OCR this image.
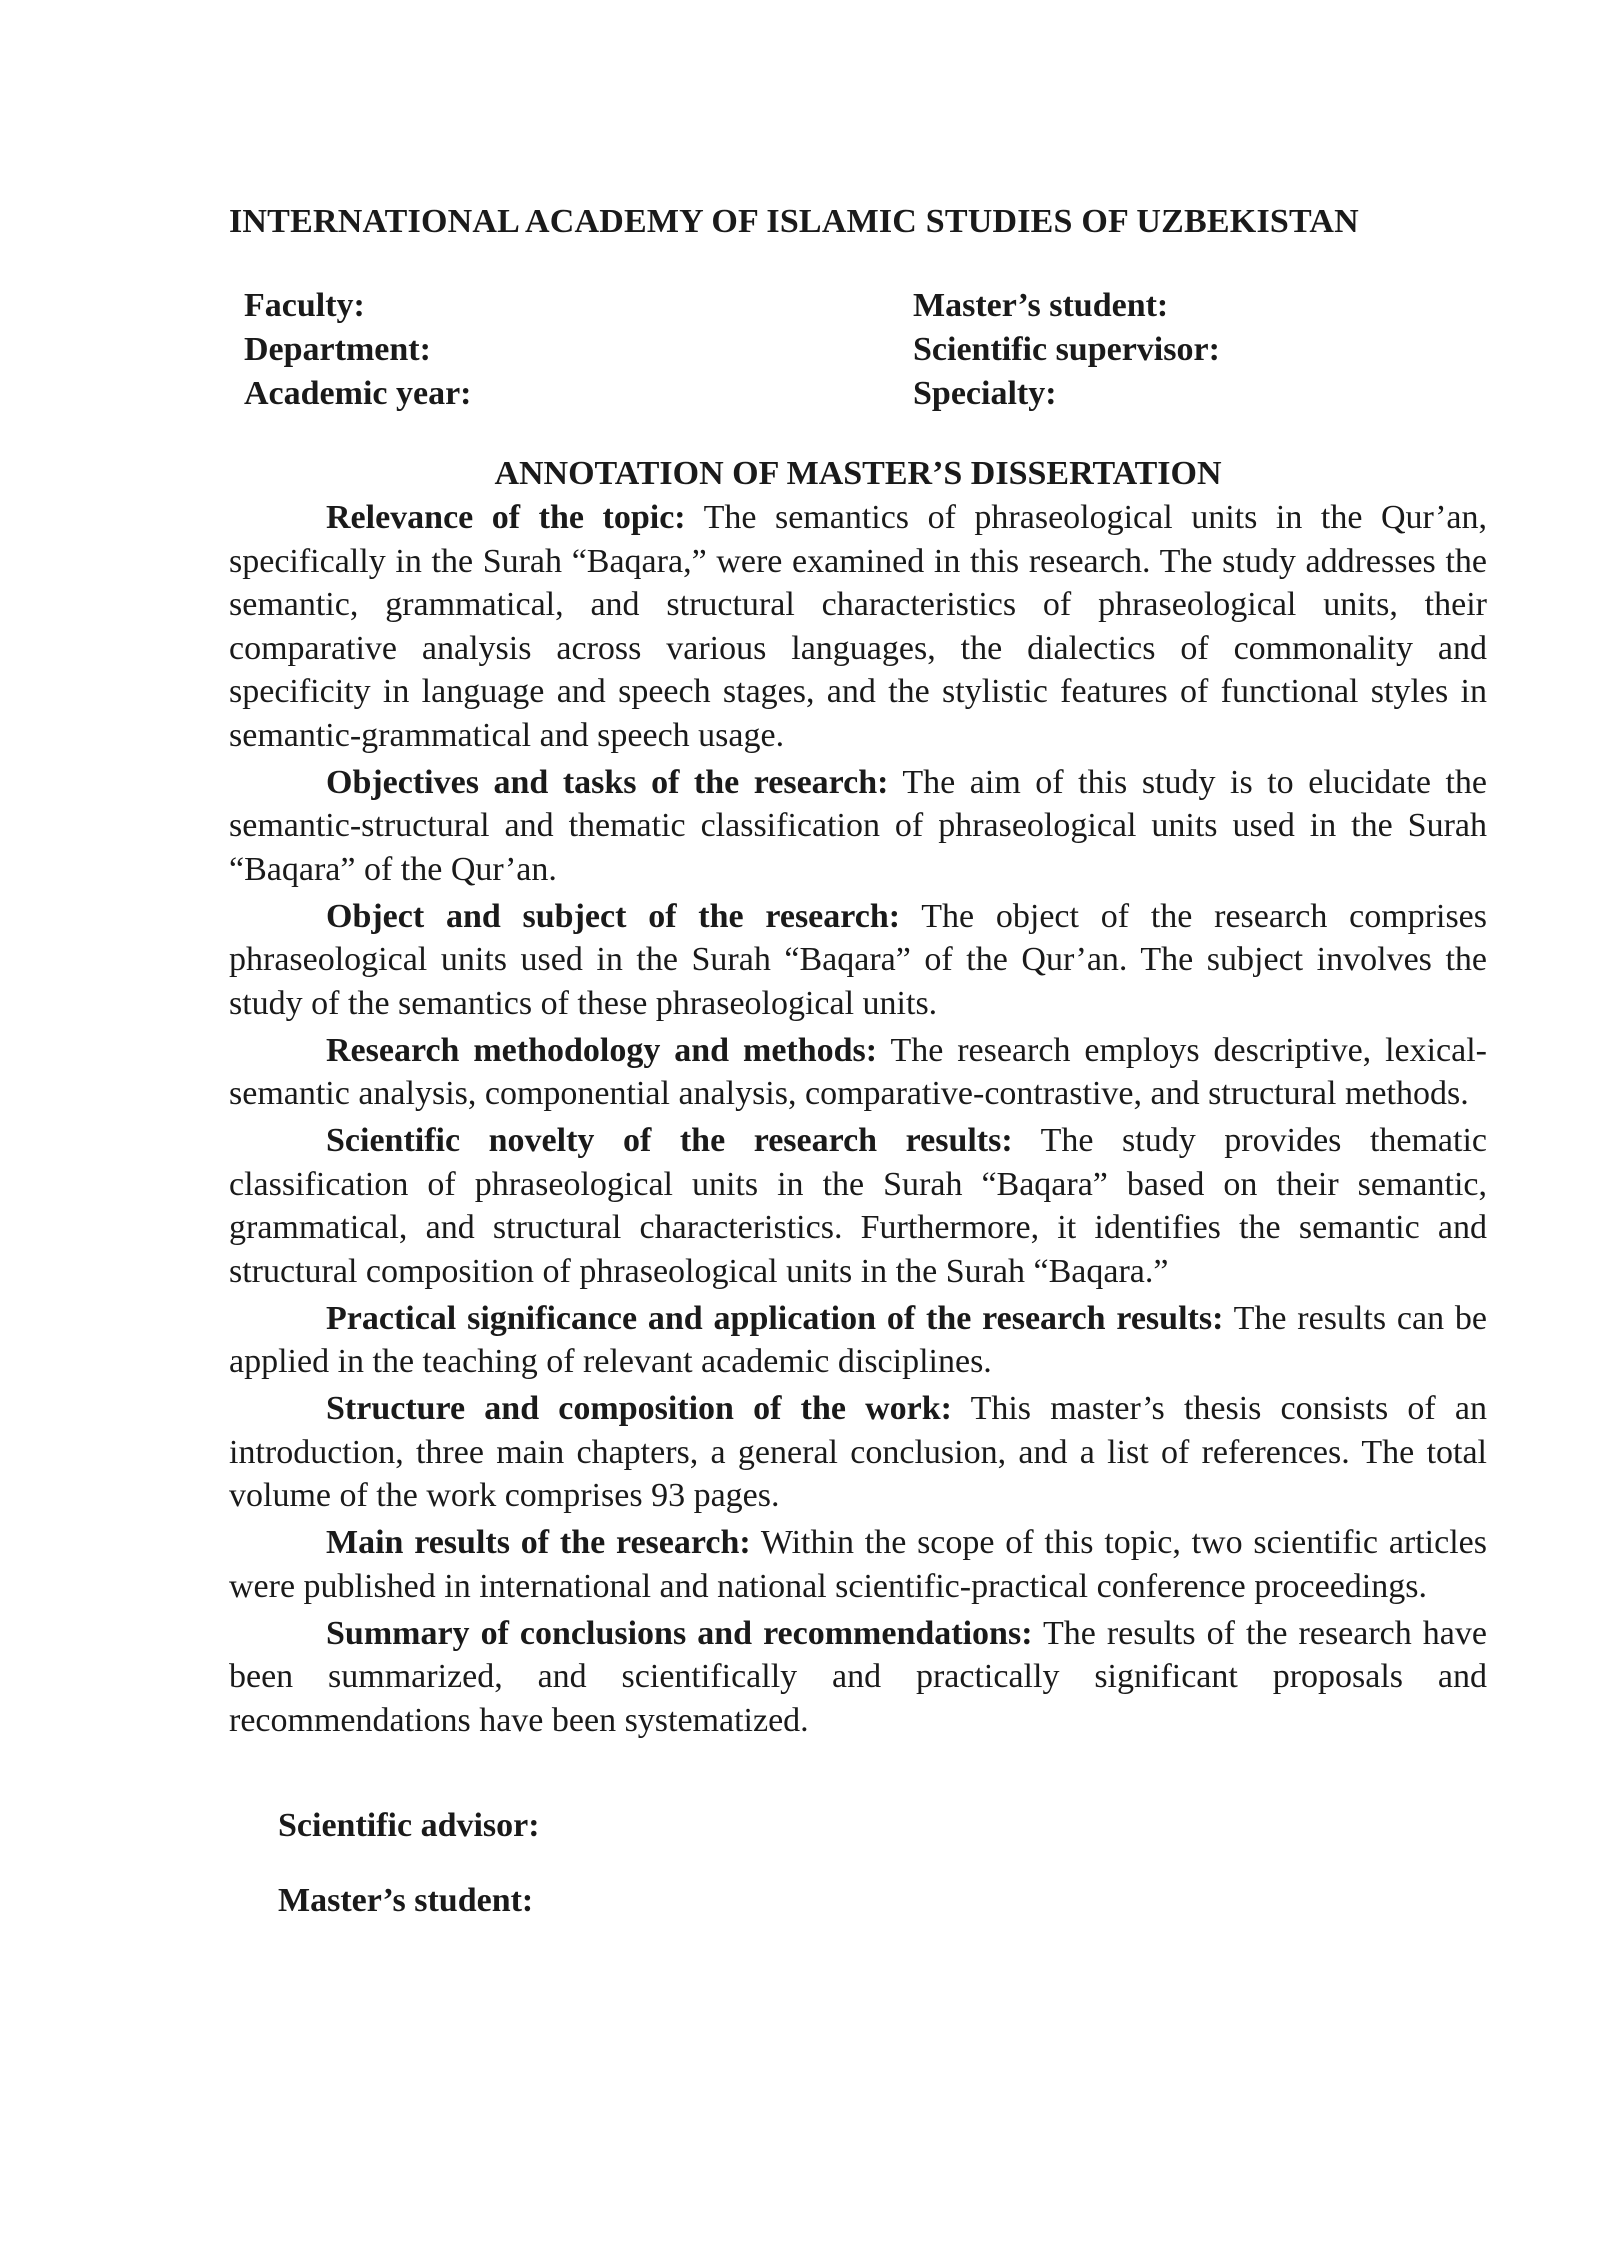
INTERNATIONAL ACADEMY OF ISLAMIC STUDIES OF UZBEKISTAN
Faculty:
Department:
Academic year:
Master’s student:
Scientific supervisor:
Specialty:
ANNOTATION OF MASTER’S DISSERTATION

Relevance of the topic: The semantics of phraseological units in the Qur’an, specifically in the Surah “Baqara,” were examined in this research. The study addresses the semantic, grammatical, and structural characteristics of phraseological units, their comparative analysis across various languages, the dialectics of commonality and specificity in language and speech stages, and the stylistic features of functional styles in semantic-grammatical and speech usage.

Objectives and tasks of the research: The aim of this study is to elucidate the semantic-structural and thematic classification of phraseological units used in the Surah “Baqara” of the Qur’an.

Object and subject of the research: The object of the research comprises phraseological units used in the Surah “Baqara” of the Qur’an. The subject involves the study of the semantics of these phraseological units.

Research methodology and methods: The research employs descriptive, lexical-semantic analysis, componential analysis, comparative-contrastive, and structural methods.

Scientific novelty of the research results: The study provides thematic classification of phraseological units in the Surah “Baqara” based on their semantic, grammatical, and structural characteristics. Furthermore, it identifies the semantic and structural composition of phraseological units in the Surah “Baqara.”

Practical significance and application of the research results: The results can be applied in the teaching of relevant academic disciplines.

Structure and composition of the work: This master’s thesis consists of an introduction, three main chapters, a general conclusion, and a list of references. The total volume of the work comprises 93 pages.

Main results of the research: Within the scope of this topic, two scientific articles were published in international and national scientific-practical conference proceedings.

Summary of conclusions and recommendations: The results of the research have been summarized, and scientifically and practically significant proposals and recommendations have been systematized.

Scientific advisor:
Master’s student:
